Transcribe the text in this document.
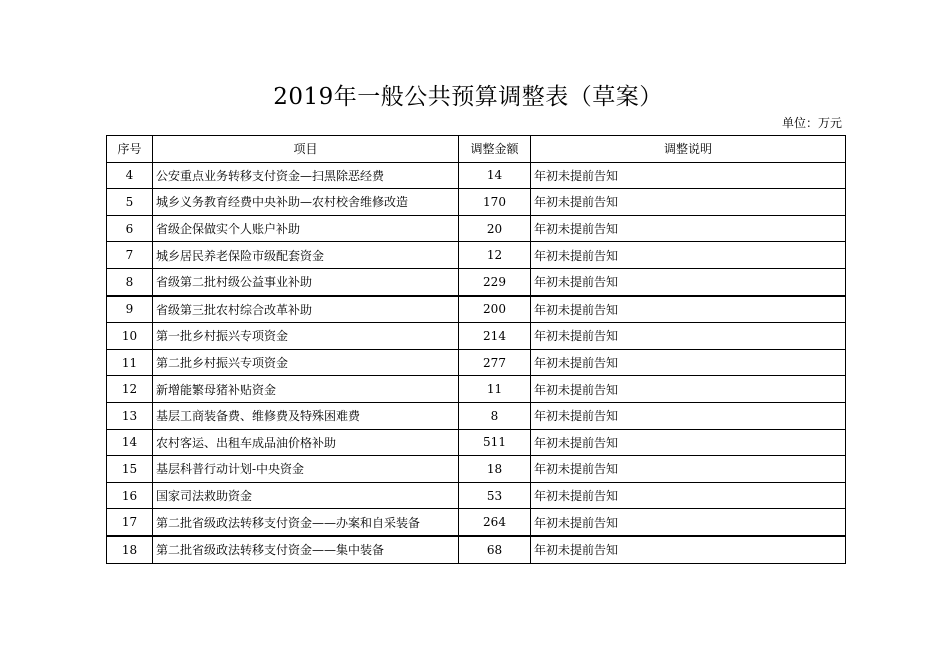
2019年一般公共预算调整表（草案）
单位：万元
序号	项目	调整金额	调整说明
4	公安重点业务转移支付资金—扫黑除恶经费	14	年初未提前告知
5	城乡义务教育经费中央补助—农村校舍维修改造	170	年初未提前告知
6	省级企保做实个人账户补助	20	年初未提前告知
7	城乡居民养老保险市级配套资金	12	年初未提前告知
8	省级第二批村级公益事业补助	229	年初未提前告知
9	省级第三批农村综合改革补助	200	年初未提前告知
10	第一批乡村振兴专项资金	214	年初未提前告知
11	第二批乡村振兴专项资金	277	年初未提前告知
12	新增能繁母猪补贴资金	11	年初未提前告知
13	基层工商装备费、维修费及特殊困难费	8	年初未提前告知
14	农村客运、出租车成品油价格补助	511	年初未提前告知
15	基层科普行动计划-中央资金	18	年初未提前告知
16	国家司法救助资金	53	年初未提前告知
17	第二批省级政法转移支付资金——办案和自采装备	264	年初未提前告知
18	第二批省级政法转移支付资金——集中装备	68	年初未提前告知
